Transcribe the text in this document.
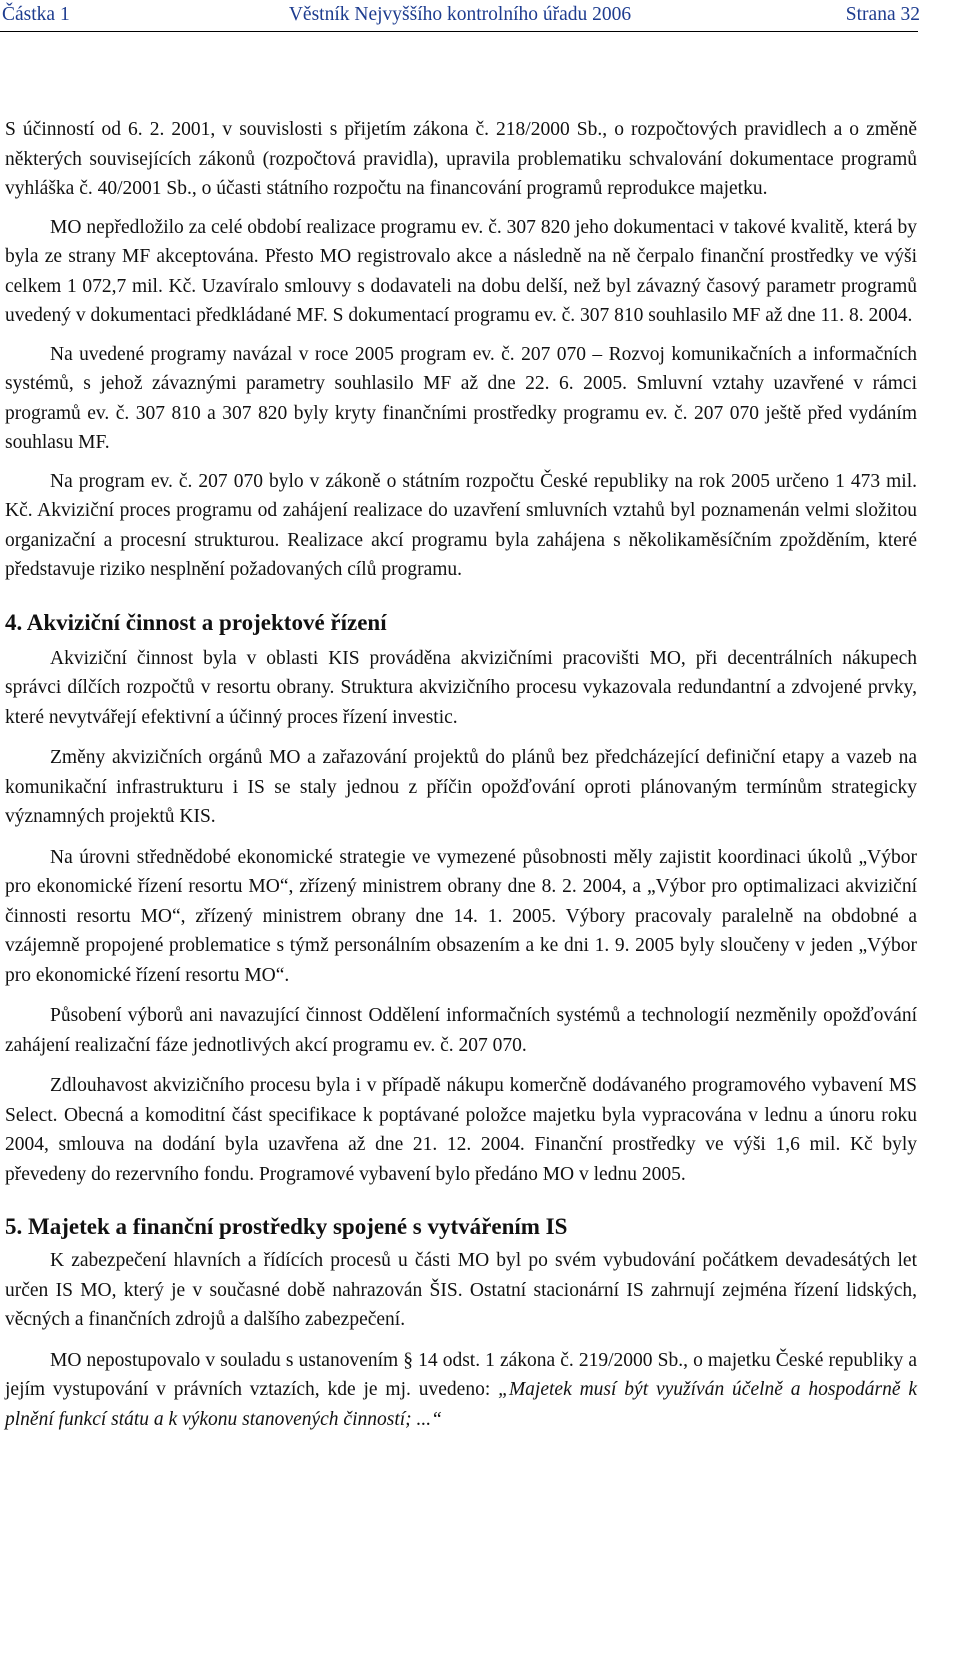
Částka 1	Věstník Nejvyššího kontrolního úřadu 2006	Strana 32

S účinností od 6. 2. 2001, v souvislosti s přijetím zákona č. 218/2000 Sb., o rozpočtových pravidlech a o změně některých souvisejících zákonů (rozpočtová pravidla), upravila problematiku schvalování dokumentace programů vyhláška č. 40/2001 Sb., o účasti státního rozpočtu na financování programů reprodukce majetku.

MO nepředložilo za celé období realizace programu ev. č. 307 820 jeho dokumentaci v takové kvalitě, která by byla ze strany MF akceptována. Přesto MO registrovalo akce a následně na ně čerpalo finanční prostředky ve výši celkem 1 072,7 mil. Kč. Uzavíralo smlouvy s dodavateli na dobu delší, než byl závazný časový parametr programů uvedený v dokumentaci předkládané MF. S dokumentací programu ev. č. 307 810 souhlasilo MF až dne 11. 8. 2004.

Na uvedené programy navázal v roce 2005 program ev. č. 207 070 – Rozvoj komunikačních a informačních systémů, s jehož závaznými parametry souhlasilo MF až dne 22. 6. 2005. Smluvní vztahy uzavřené v rámci programů ev. č. 307 810 a 307 820 byly kryty finančními prostředky programu ev. č. 207 070 ještě před vydáním souhlasu MF.

Na program ev. č. 207 070 bylo v zákoně o státním rozpočtu České republiky na rok 2005 určeno 1 473 mil. Kč. Akviziční proces programu od zahájení realizace do uzavření smluvních vztahů byl poznamenán velmi složitou organizační a procesní strukturou. Realizace akcí programu byla zahájena s několikaměsíčním zpožděním, které představuje riziko nesplnění požadovaných cílů programu.

4. Akviziční činnost a projektové řízení

Akviziční činnost byla v oblasti KIS prováděna akvizičními pracovišti MO, při decentrálních nákupech správci dílčích rozpočtů v resortu obrany. Struktura akvizičního procesu vykazovala redundantní a zdvojené prvky, které nevytvářejí efektivní a účinný proces řízení investic.

Změny akvizičních orgánů MO a zařazování projektů do plánů bez předcházející definiční etapy a vazeb na komunikační infrastrukturu i IS se staly jednou z příčin opožďování oproti plánovaným termínům strategicky významných projektů KIS.

Na úrovni střednědobé ekonomické strategie ve vymezené působnosti měly zajistit koordinaci úkolů „Výbor pro ekonomické řízení resortu MO“, zřízený ministrem obrany dne 8. 2. 2004, a „Výbor pro optimalizaci akviziční činnosti resortu MO“, zřízený ministrem obrany dne 14. 1. 2005. Výbory pracovaly paralelně na obdobné a vzájemně propojené problematice s týmž personálním obsazením a ke dni 1. 9. 2005 byly sloučeny v jeden „Výbor pro ekonomické řízení resortu MO“.

Působení výborů ani navazující činnost Oddělení informačních systémů a technologií nezměnily opožďování zahájení realizační fáze jednotlivých akcí programu ev. č. 207 070.

Zdlouhavost akvizičního procesu byla i v případě nákupu komerčně dodávaného programového vybavení MS Select. Obecná a komoditní část specifikace k poptávané položce majetku byla vypracována v lednu a únoru roku 2004, smlouva na dodání byla uzavřena až dne 21. 12. 2004. Finanční prostředky ve výši 1,6 mil. Kč byly převedeny do rezervního fondu. Programové vybavení bylo předáno MO v lednu 2005.

5. Majetek a finanční prostředky spojené s vytvářením IS

K zabezpečení hlavních a řídících procesů u části MO byl po svém vybudování počátkem devadesátých let určen IS MO, který je v současné době nahrazován ŠIS. Ostatní stacionární IS zahrnují zejména řízení lidských, věcných a finančních zdrojů a dalšího zabezpečení.

MO nepostupovalo v souladu s ustanovením § 14 odst. 1 zákona č. 219/2000 Sb., o majetku České republiky a jejím vystupování v právních vztazích, kde je mj. uvedeno: „Majetek musí být využíván účelně a hospodárně k plnění funkcí státu a k výkonu stanovených činností; ...“
